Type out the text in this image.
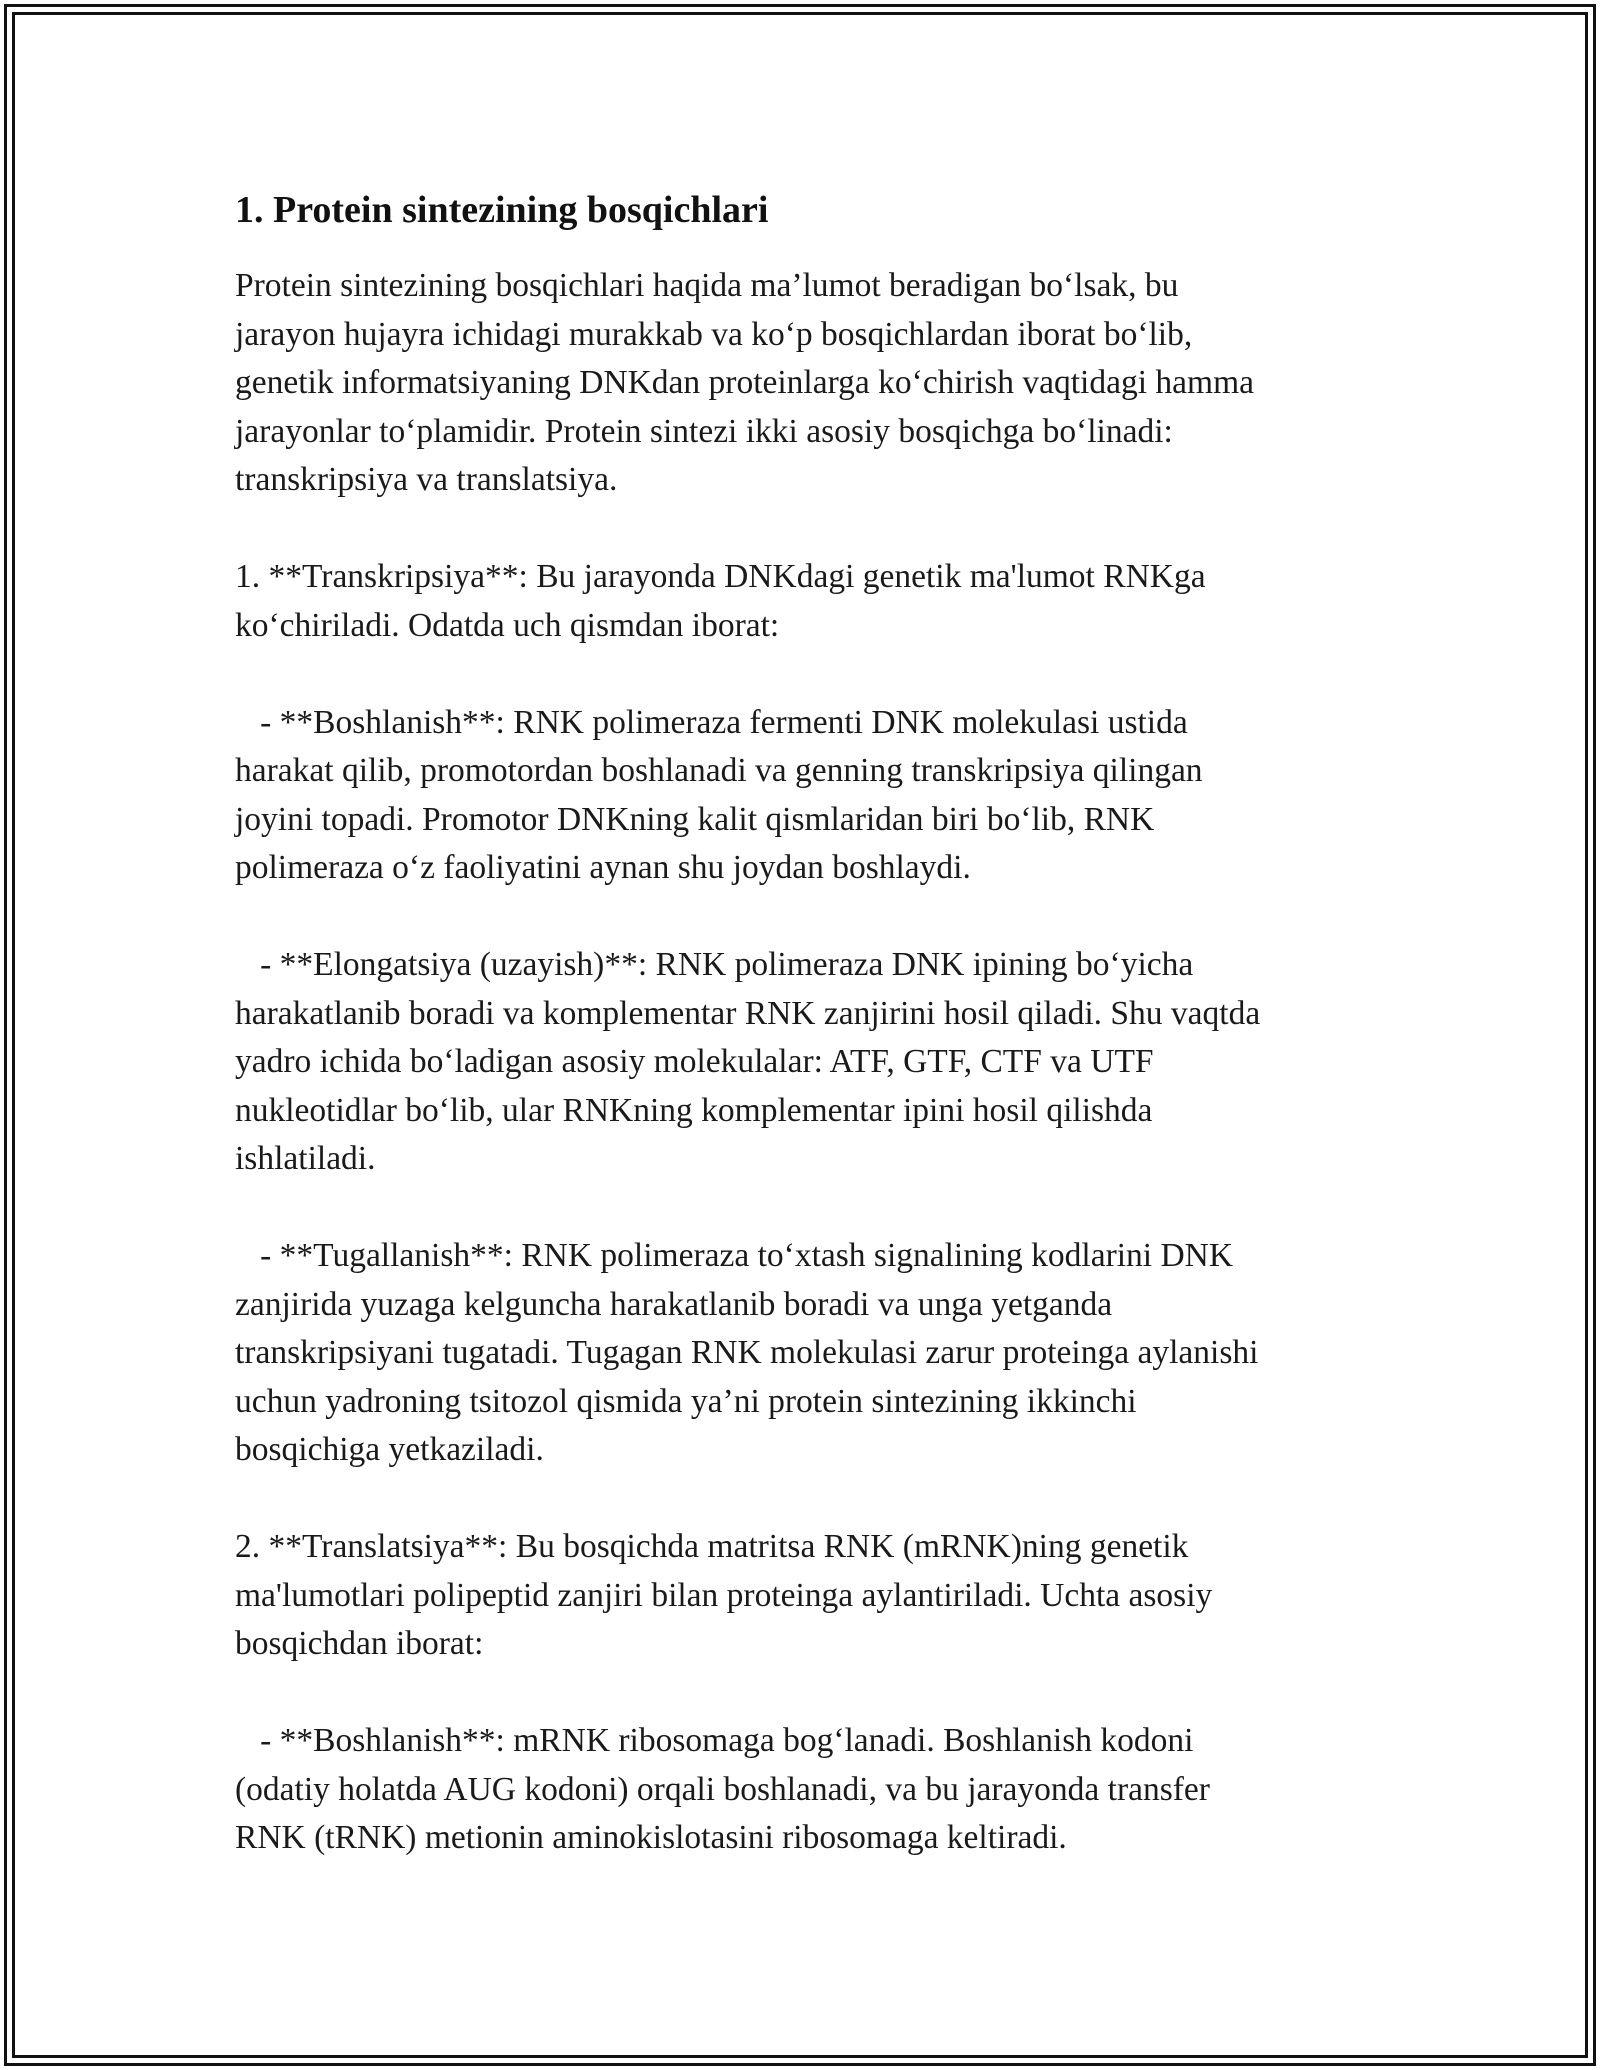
1. Protein sintezining bosqichlari

Protein sintezining bosqichlari haqida ma’lumot beradigan bo‘lsak, bu
jarayon hujayra ichidagi murakkab va ko‘p bosqichlardan iborat bo‘lib,
genetik informatsiyaning DNKdan proteinlarga ko‘chirish vaqtidagi hamma
jarayonlar to‘plamidir. Protein sintezi ikki asosiy bosqichga bo‘linadi:
transkripsiya va translatsiya.

1. **Transkripsiya**: Bu jarayonda DNKdagi genetik ma'lumot RNKga
ko‘chiriladi. Odatda uch qismdan iborat:

- **Boshlanish**: RNK polimeraza fermenti DNK molekulasi ustida
harakat qilib, promotordan boshlanadi va genning transkripsiya qilingan
joyini topadi. Promotor DNKning kalit qismlaridan biri bo‘lib, RNK
polimeraza o‘z faoliyatini aynan shu joydan boshlaydi.

- **Elongatsiya (uzayish)**: RNK polimeraza DNK ipining bo‘yicha
harakatlanib boradi va komplementar RNK zanjirini hosil qiladi. Shu vaqtda
yadro ichida bo‘ladigan asosiy molekulalar: ATF, GTF, CTF va UTF
nukleotidlar bo‘lib, ular RNKning komplementar ipini hosil qilishda
ishlatiladi.

- **Tugallanish**: RNK polimeraza to‘xtash signalining kodlarini DNK
zanjirida yuzaga kelguncha harakatlanib boradi va unga yetganda
transkripsiyani tugatadi. Tugagan RNK molekulasi zarur proteinga aylanishi
uchun yadroning tsitozol qismida ya’ni protein sintezining ikkinchi
bosqichiga yetkaziladi.

2. **Translatsiya**: Bu bosqichda matritsa RNK (mRNK)ning genetik
ma'lumotlari polipeptid zanjiri bilan proteinga aylantiriladi. Uchta asosiy
bosqichdan iborat:

- **Boshlanish**: mRNK ribosomaga bog‘lanadi. Boshlanish kodoni
(odatiy holatda AUG kodoni) orqali boshlanadi, va bu jarayonda transfer
RNK (tRNK) metionin aminokislotasini ribosomaga keltiradi.
